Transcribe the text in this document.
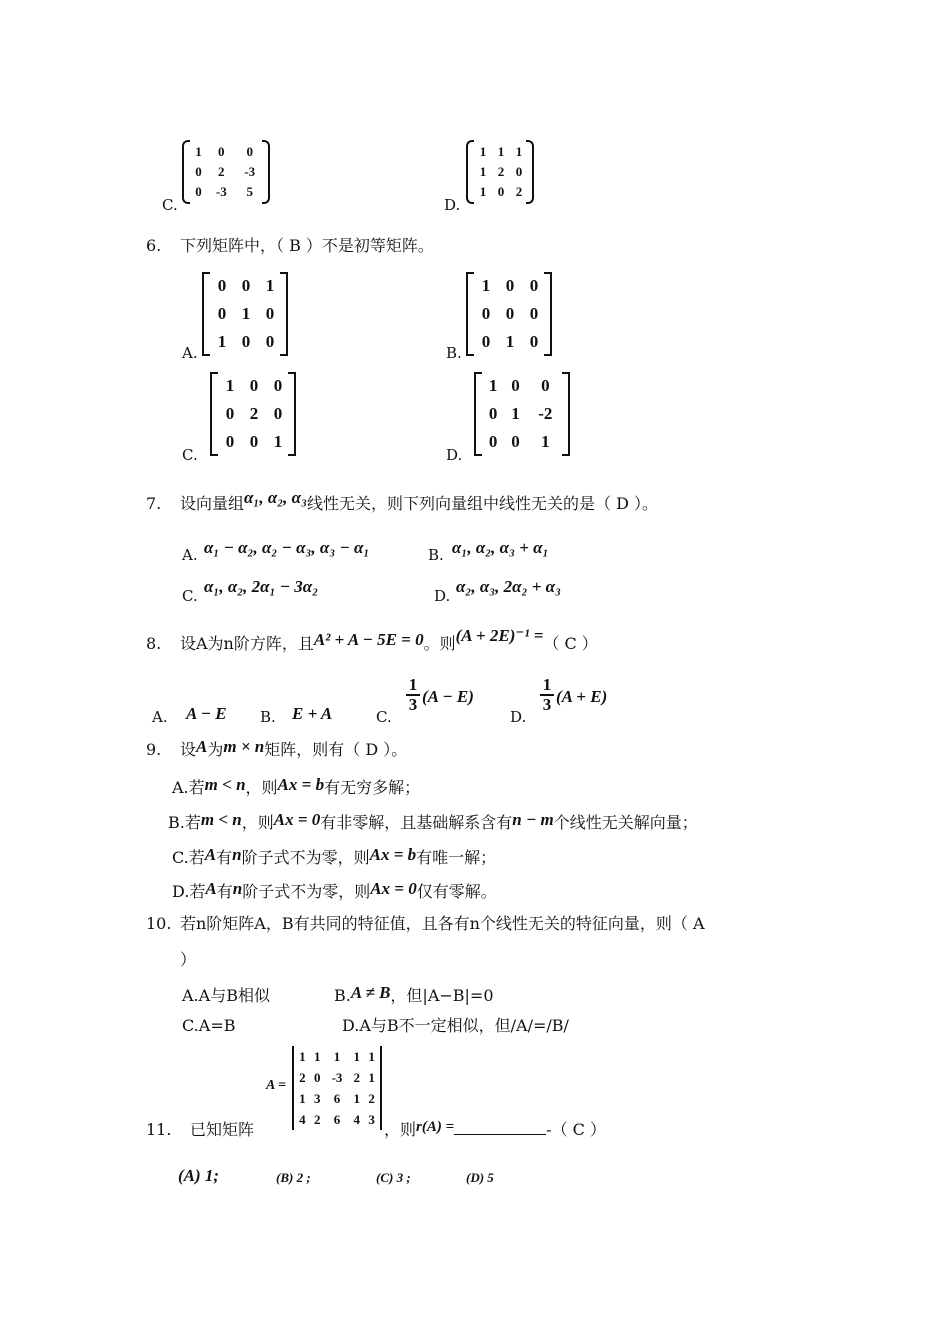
C.
1	0	0
0	2	-3
0	-3	5
D.
1	1	1
1	2	0
1	0	2
6. 下列矩阵中，（ B ）不是初等矩阵。
A.
0	0	1
0	1	0
1	0	0
B.
1	0	0
0	0	0
0	1	0
C.
1	0	0
0	2	0
0	0	1
D.
1	0	0
0	1	-2
0	0	1
7. 设向量组α₁, α₂, α₃线性无关，则下列向量组中线性无关的是（ D ）。
A. α₁ − α₂, α₂ − α₃, α₃ − α₁	B. α₁, α₂, α₃ + α₁
C. α₁, α₂, 2α₁ − 3α₂	D. α₂, α₃, 2α₂ + α₃
8. 设A为n阶方阵，且A² + A − 5E = 0。则(A + 2E)⁻¹ =（ C ）
A. A − E B. E + A	C.
$\frac{1}{3} (A - E)$
D.
$\frac{1}{3} (A + E)$
9. 设A为m × n矩阵，则有（ D ）。
A.若m < n，则Ax = b有无穷多解；
B.若m < n，则Ax = 0有非零解，且基础解系含有n − m个线性无关解向量；
C.若A有n阶子式不为零，则Ax = b有唯一解；
D.若A有n阶子式不为零，则Ax = 0仅有零解。
10. 若n阶矩阵A，B有共同的特征值，且各有n个线性无关的特征向量，则（ A
）
A.A与B相似	B.A ≠ B，但|A−B|=0
C.A=B	D.A与B不一定相似，但/A/=/B/
11. 已知矩阵
A =
1	1	1	1	1
2	0	-3	2	1
1	3	6	1	2
4	2	6	4	3
，则r(A) =	-（ C ）
(A) 1;	(B) 2 ;	(C) 3 ;	(D) 5
